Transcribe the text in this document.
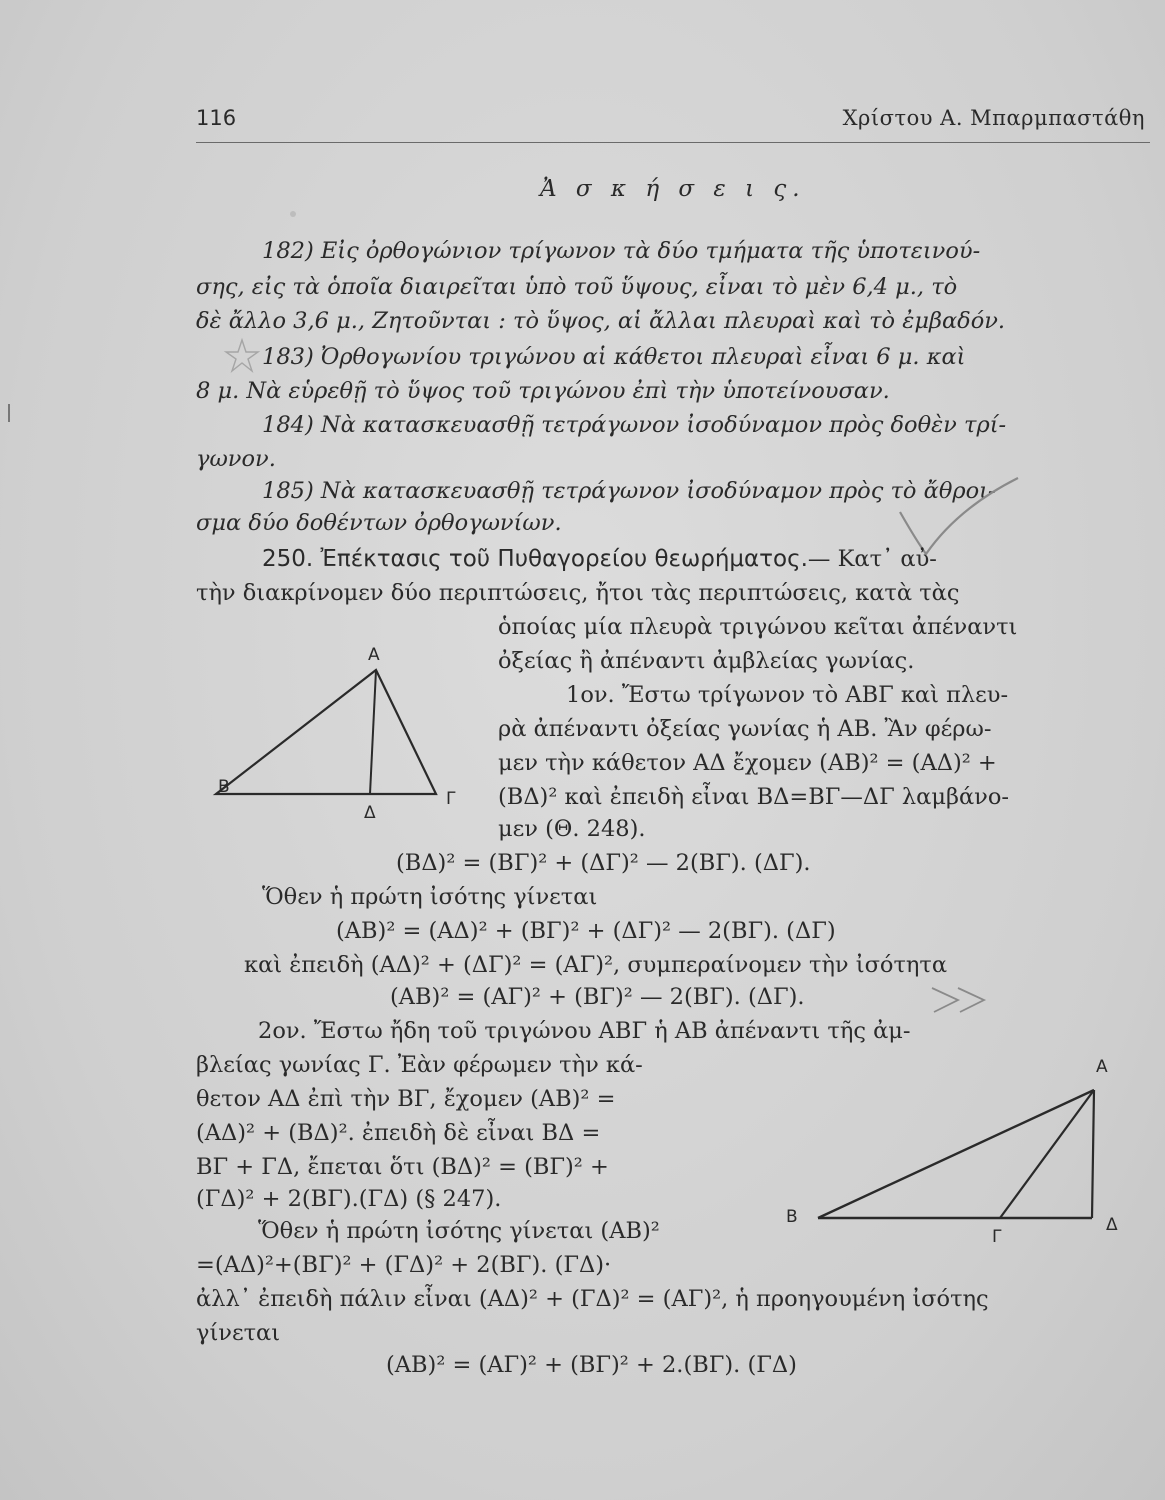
116	Χρίστου Α. Μπαρμπαστάθη
Ἀ σ κ ή σ ε ι ς.
182) Εἰς ὀρθογώνιον τρίγωνον τὰ δύο τμήματα τῆς ὑποτεινού-
σης, εἰς τὰ ὁποῖα διαιρεῖται ὑπὸ τοῦ ὕψους, εἶναι τὸ μὲν 6,4 μ., τὸ
δὲ ἄλλο 3,6 μ., Ζητοῦνται : τὸ ὕψος, αἱ ἄλλαι πλευραὶ καὶ τὸ ἐμβαδόν.
183) Ὀρθογωνίου τριγώνου αἱ κάθετοι πλευραὶ εἶναι 6 μ. καὶ
8 μ. Νὰ εὑρεθῇ τὸ ὕψος τοῦ τριγώνου ἐπὶ τὴν ὑποτείνουσαν.
184) Νὰ κατασκευασθῇ τετράγωνον ἰσοδύναμον πρὸς δοθὲν τρί-
γωνον.
185) Νὰ κατασκευασθῇ τετράγωνον ἰσοδύναμον πρὸς τὸ ἄθροι-
σμα δύο δοθέντων ὀρθογωνίων.
250. Ἐπέκτασις τοῦ Πυθαγορείου θεωρήματος.— Κατ᾽ αὐ-
τὴν διακρίνομεν δύο περιπτώσεις, ἤτοι τὰς περιπτώσεις, κατὰ τὰς
ὁποίας μία πλευρὰ τριγώνου κεῖται ἀπέναντι
ὀξείας ἢ ἀπέναντι ἀμβλείας γωνίας.
1ον. Ἔστω τρίγωνον τὸ ΑΒΓ καὶ πλευ-
ρὰ ἀπέναντι ὀξείας γωνίας ἡ ΑΒ. Ἂν φέρω-
μεν τὴν κάθετον ΑΔ ἔχομεν (ΑΒ)² = (ΑΔ)² +
(ΒΔ)² καὶ ἐπειδὴ εἶναι ΒΔ=ΒΓ—ΔΓ λαμβάνο-
μεν (Θ. 248).
Α
Β
Γ
Δ
(ΒΔ)² = (ΒΓ)² + (ΔΓ)² — 2(ΒΓ). (ΔΓ).
Ὅθεν ἡ πρώτη ἰσότης γίνεται
(ΑΒ)² = (ΑΔ)² + (ΒΓ)² + (ΔΓ)² — 2(ΒΓ). (ΔΓ)
καὶ ἐπειδὴ (ΑΔ)² + (ΔΓ)² = (ΑΓ)², συμπεραίνομεν τὴν ἰσότητα
(ΑΒ)² = (ΑΓ)² + (ΒΓ)² — 2(ΒΓ). (ΔΓ).
2ον. Ἔστω ἤδη τοῦ τριγώνου ΑΒΓ ἡ ΑΒ ἀπέναντι τῆς ἀμ-
βλείας γωνίας Γ. Ἐὰν φέρωμεν τὴν κά-
θετον ΑΔ ἐπὶ τὴν ΒΓ, ἔχομεν (ΑΒ)² =
(ΑΔ)² + (ΒΔ)². ἐπειδὴ δὲ εἶναι ΒΔ =
ΒΓ + ΓΔ, ἔπεται ὅτι (ΒΔ)² = (ΒΓ)² +
(ΓΔ)² + 2(ΒΓ).(ΓΔ) (§ 247).
Ὅθεν ἡ πρώτη ἰσότης γίνεται (ΑΒ)²
=(ΑΔ)²+(ΒΓ)² + (ΓΔ)² + 2(ΒΓ). (ΓΔ)·
ἀλλ᾽ ἐπειδὴ πάλιν εἶναι (ΑΔ)² + (ΓΔ)² = (ΑΓ)², ἡ προηγουμένη ἰσότης
γίνεται
(ΑΒ)² = (ΑΓ)² + (ΒΓ)² + 2.(ΒΓ). (ΓΔ)
Α
Β
Γ
Δ
